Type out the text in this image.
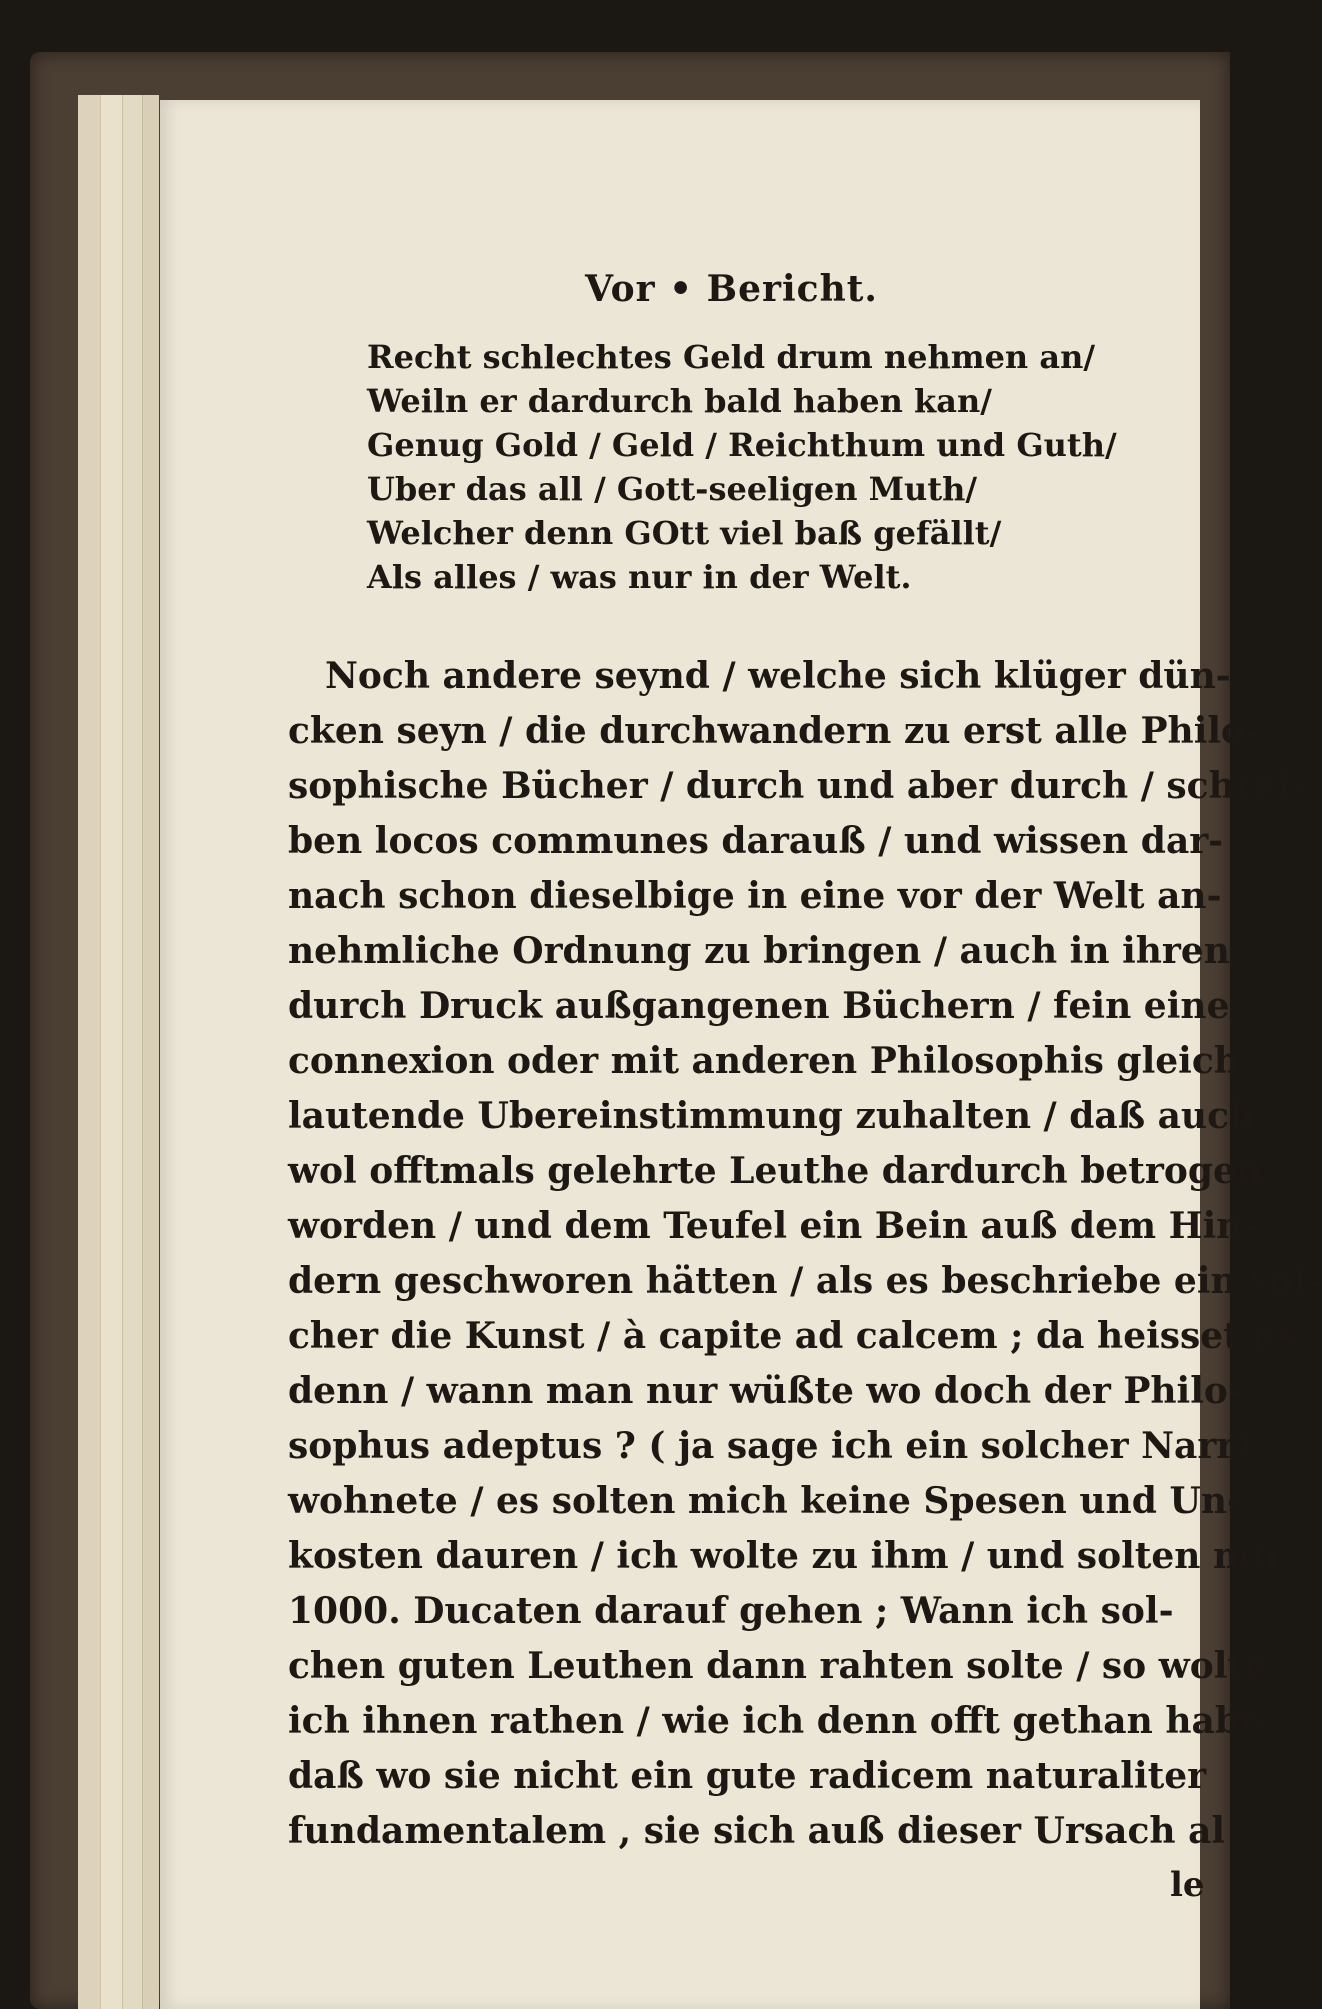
Vor • Bericht.
Recht schlechtes Geld drum nehmen an/
Weiln er dardurch bald haben kan/
Genug Gold / Geld / Reichthum und Guth/
Uber das all / Gott-seeligen Muth/
Welcher denn GOtt viel baß gefällt/
Als alles / was nur in der Welt.
Noch andere seynd / welche sich klüger dün-
cken seyn / die durchwandern zu erst alle Philo-
sophische Bücher / durch und aber durch / schrei-
ben locos communes darauß / und wissen dar-
nach schon dieselbige in eine vor der Welt an-
nehmliche Ordnung zu bringen / auch in ihren
durch Druck außgangenen Büchern / fein eine
connexion oder mit anderen Philosophis gleich
lautende Ubereinstimmung zuhalten / daß auch
wol offtmals gelehrte Leuthe dardurch betrogen
worden / und dem Teufel ein Bein auß dem Hin-
dern geschworen hätten / als es beschriebe ein sol-
cher die Kunst / à capite ad calcem ; da heisset es
denn / wann man nur wüßte wo doch der Philo-
sophus adeptus ? ( ja sage ich ein solcher Narr)
wohnete / es solten mich keine Spesen und Un-
kosten dauren / ich wolte zu ihm / und solten mir
1000. Ducaten darauf gehen ; Wann ich sol-
chen guten Leuthen dann rahten solte / so wolte
ich ihnen rathen / wie ich denn offt gethan habe
daß wo sie nicht ein gute radicem naturaliter
fundamentalem , sie sich auß dieser Ursach al
le
